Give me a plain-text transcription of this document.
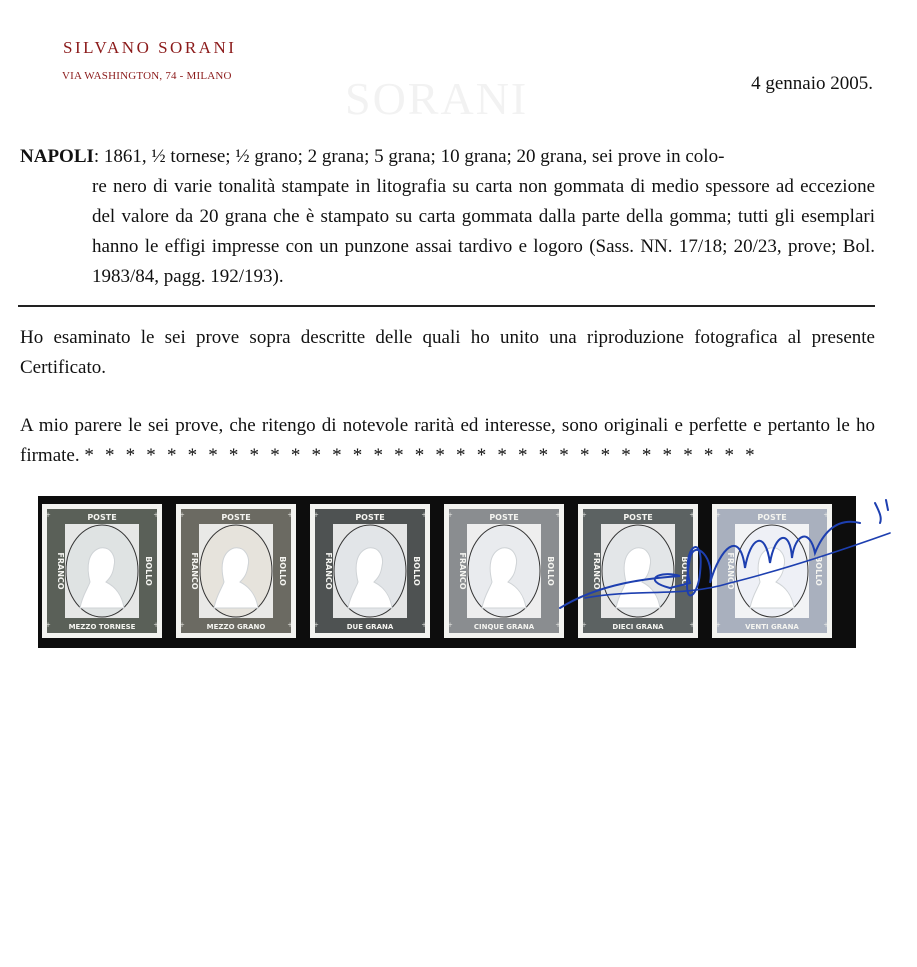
SILVANO SORANI
VIA WASHINGTON, 74 - MILANO SORANI	4 gennaio 2005.
NAPOLI: 1861, ½ tornese; ½ grano; 2 grana; 5 grana; 10 grana; 20 grana, sei prove in colo-
re nero di varie tonalità stampate in litografia su carta non gommata di medio spessore ad eccezione del valore da 20 grana che è stampato su carta gommata dalla parte della gomma; tutti gli esemplari hanno le effigi impresse con un punzone assai tardivo e logoro (Sass. NN. 17/18; 20/23, prove; Bol. 1983/84, pagg. 192/193).
Ho esaminato le sei prove sopra descritte delle quali ho unito una riproduzione fotografica al presente Certificato.
A mio parere le sei prove, che ritengo di notevole rarità ed interesse, sono originali e perfette e pertanto le ho firmate. * * * * * * * * * * * * * * * * * * * * * * * * * * * * * * * * *
POSTE
MEZZO TORNESE
FRANCO	BOLLO
+	+
+	+
POSTE
MEZZO GRANO
FRANCO	BOLLO
+	+
+	+
POSTE
DUE GRANA
FRANCO	BOLLO
+	+
+	+
POSTE
CINQUE GRANA
FRANCO	BOLLO
+	+
+	+
POSTE
DIECI GRANA
FRANCO	BOLLO
+	+
+	+
POSTE
VENTI GRANA
FRANCO	BOLLO
+	+
+	+
